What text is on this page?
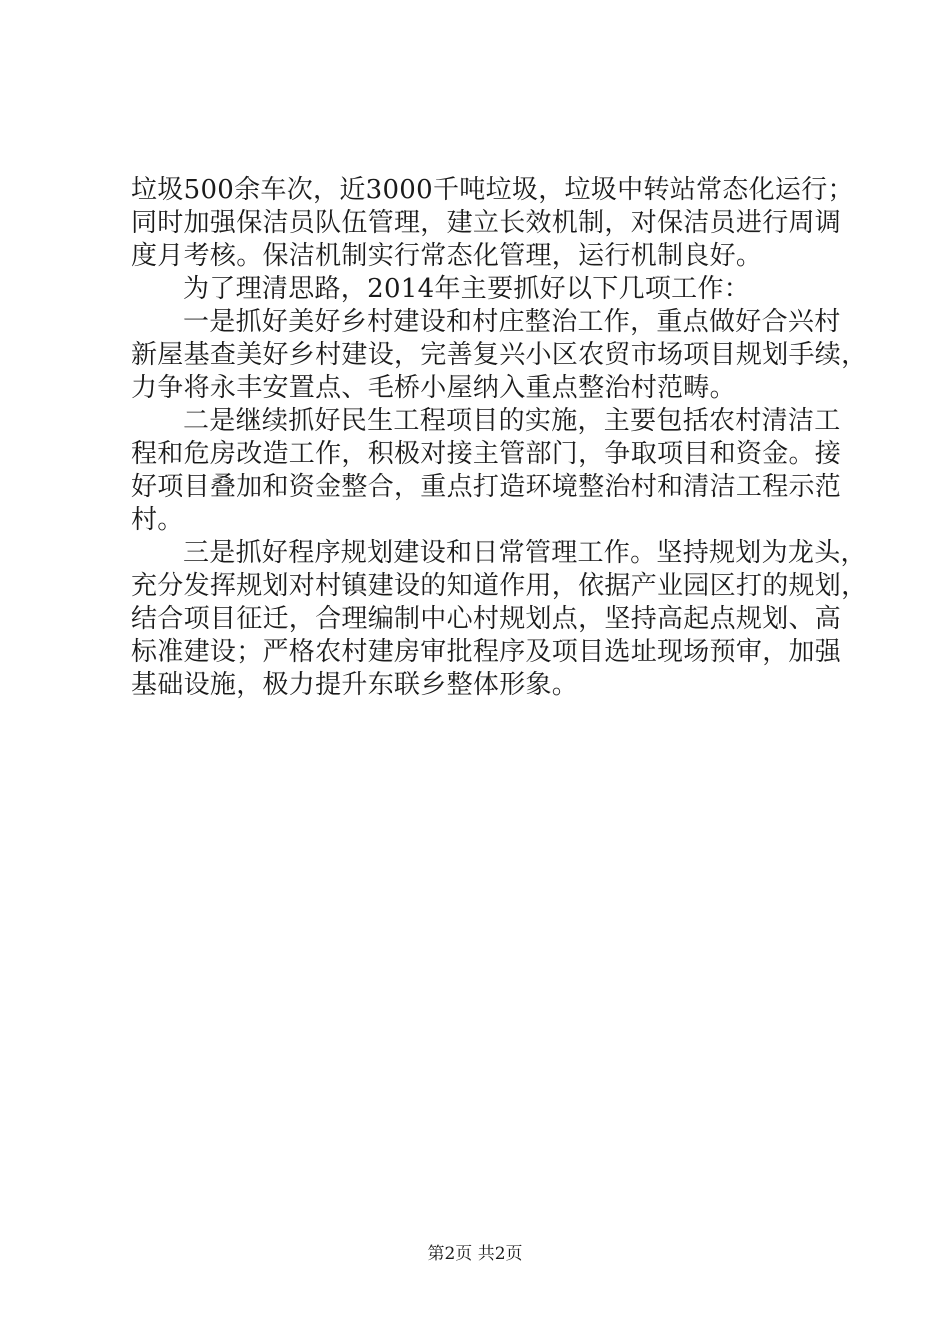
垃圾500余车次，近3000千吨垃圾，垃圾中转站常态化运行；
同时加强保洁员队伍管理，建立长效机制，对保洁员进行周调
度月考核。保洁机制实行常态化管理，运行机制良好。
为了理清思路，2014年主要抓好以下几项工作：
一是抓好美好乡村建设和村庄整治工作，重点做好合兴村
新屋基查美好乡村建设，完善复兴小区农贸市场项目规划手续，
力争将永丰安置点、毛桥小屋纳入重点整治村范畴。
二是继续抓好民生工程项目的实施，主要包括农村清洁工
程和危房改造工作，积极对接主管部门，争取项目和资金。接
好项目叠加和资金整合，重点打造环境整治村和清洁工程示范
村。
三是抓好程序规划建设和日常管理工作。坚持规划为龙头，
充分发挥规划对村镇建设的知道作用，依据产业园区打的规划，
结合项目征迁，合理编制中心村规划点，坚持高起点规划、高
标准建设；严格农村建房审批程序及项目选址现场预审，加强
基础设施，极力提升东联乡整体形象。
第2页 共2页
